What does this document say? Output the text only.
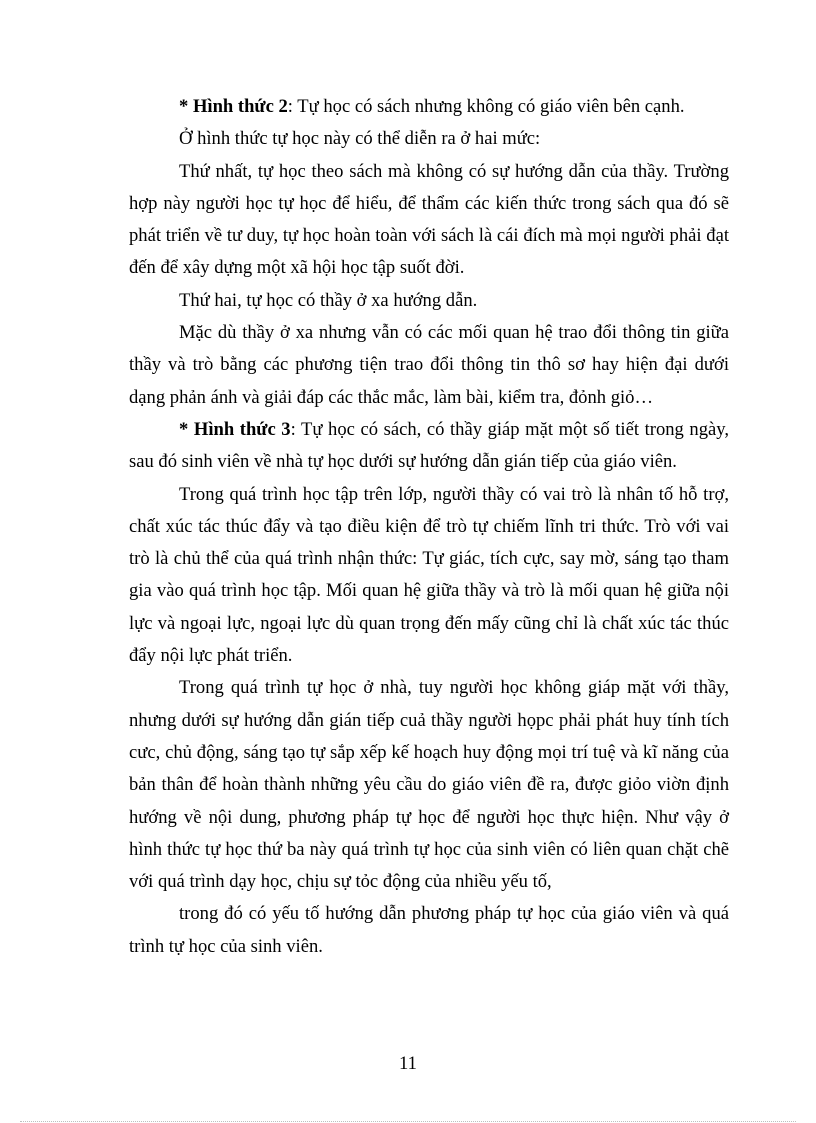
* Hình thức 2: Tự học có sách nhưng không có giáo viên bên cạnh.

Ở hình thức tự học này có thể diễn ra ở hai mức:

Thứ nhất, tự học theo sách mà không có sự hướng dẫn của thầy. Trường hợp này người học tự học để hiểu, để thẩm các kiến thức trong sách qua đó sẽ phát triển về tư duy, tự học hoàn toàn với sách là cái đích mà mọi người phải đạt đến để xây dựng một xã hội học tập suốt đời.

Thứ hai, tự học có thầy ở xa hướng dẫn.

Mặc dù thầy ở xa nhưng vẫn có các mối quan hệ trao đổi thông tin giữa thầy và trò bằng các phương tiện trao đổi thông tin thô sơ hay hiện đại dưới dạng phản ánh và giải đáp các thắc mắc, làm bài, kiểm tra, đỏnh giỏ…

* Hình thức 3: Tự học có sách, có thầy giáp mặt một số tiết trong ngày, sau đó sinh viên về nhà tự học dưới sự hướng dẫn gián tiếp của giáo viên.

Trong quá trình học tập trên lớp, người thầy có vai trò là nhân tố hỗ trợ, chất xúc tác thúc đẩy và tạo điều kiện để trò tự chiếm lĩnh tri thức. Trò với vai trò là chủ thể của quá trình nhận thức: Tự giác, tích cực, say mờ, sáng tạo tham gia vào quá trình học tập. Mối quan hệ giữa thầy và trò là mối quan hệ giữa nội lực và ngoại lực, ngoại lực dù quan trọng đến mấy cũng chỉ là chất xúc tác thúc đẩy nội lực phát triển.

Trong quá trình tự học ở nhà, tuy người học không giáp mặt với thầy, nhưng dưới sự hướng dẫn gián tiếp cuả thầy người họpc phải phát huy tính tích cưc, chủ động, sáng tạo tự sắp xếp kế hoạch huy động mọi trí tuệ và kĩ năng của bản thân để hoàn thành những yêu cầu do giáo viên đề ra, được giỏo viờn định hướng về nội dung, phương pháp tự học để người học thực hiện. Như vậy ở hình thức tự học thứ ba này quá trình tự học của sinh viên có liên quan chặt chẽ với quá trình dạy học, chịu sự tỏc động của nhiều yếu tố,

trong đó có yếu tố hướng dẫn phương pháp tự học của giáo viên và quá trình tự học của sinh viên.

11
